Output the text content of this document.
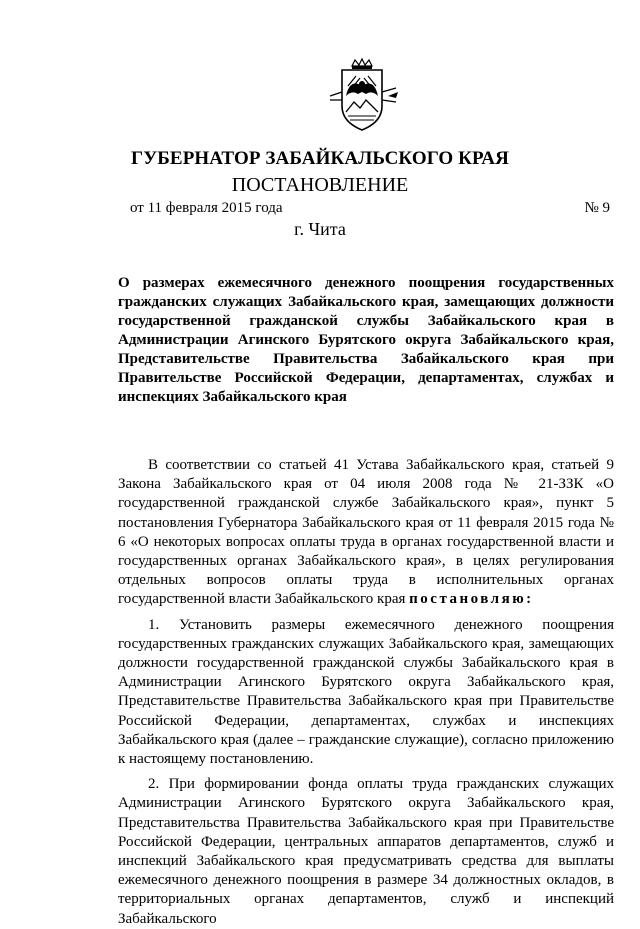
ГУБЕРНАТОР ЗАБАЙКАЛЬСКОГО КРАЯ
ПОСТАНОВЛЕНИЕ
от 11 февраля 2015 года	№ 9
г. Чита

О размерах ежемесячного денежного поощрения государственных гражданских служащих Забайкальского края, замещающих должности государственной гражданской службы Забайкальского края в Администрации Агинского Бурятского округа Забайкальского края, Представительстве Правительства Забайкальского края при Правительстве Российской Федерации, департаментах, службах и инспекциях Забайкальского края

В соответствии со статьей 41 Устава Забайкальского края, статьей 9 Закона Забайкальского края от 04 июля 2008 года № 21-ЗЗК «О государственной гражданской службе Забайкальского края», пункт 5 постановления Губернатора Забайкальского края от 11 февраля 2015 года № 6 «О некоторых вопросах оплаты труда в органах государственной власти и государственных органах Забайкальского края», в целях регулирования отдельных вопросов оплаты труда в исполнительных органах государственной власти Забайкальского края постановляю:

1. Установить размеры ежемесячного денежного поощрения государственных гражданских служащих Забайкальского края, замещающих должности государственной гражданской службы Забайкальского края в Администрации Агинского Бурятского округа Забайкальского края, Представительстве Правительства Забайкальского края при Правительстве Российской Федерации, департаментах, службах и инспекциях Забайкальского края (далее – гражданские служащие), согласно приложению к настоящему постановлению.

2. При формировании фонда оплаты труда гражданских служащих Администрации Агинского Бурятского округа Забайкальского края, Представительства Правительства Забайкальского края при Правительстве Российской Федерации, центральных аппаратов департаментов, служб и инспекций Забайкальского края предусматривать средства для выплаты ежемесячного денежного поощрения в размере 34 должностных окладов, в территориальных органах департаментов, служб и инспекций Забайкальского
